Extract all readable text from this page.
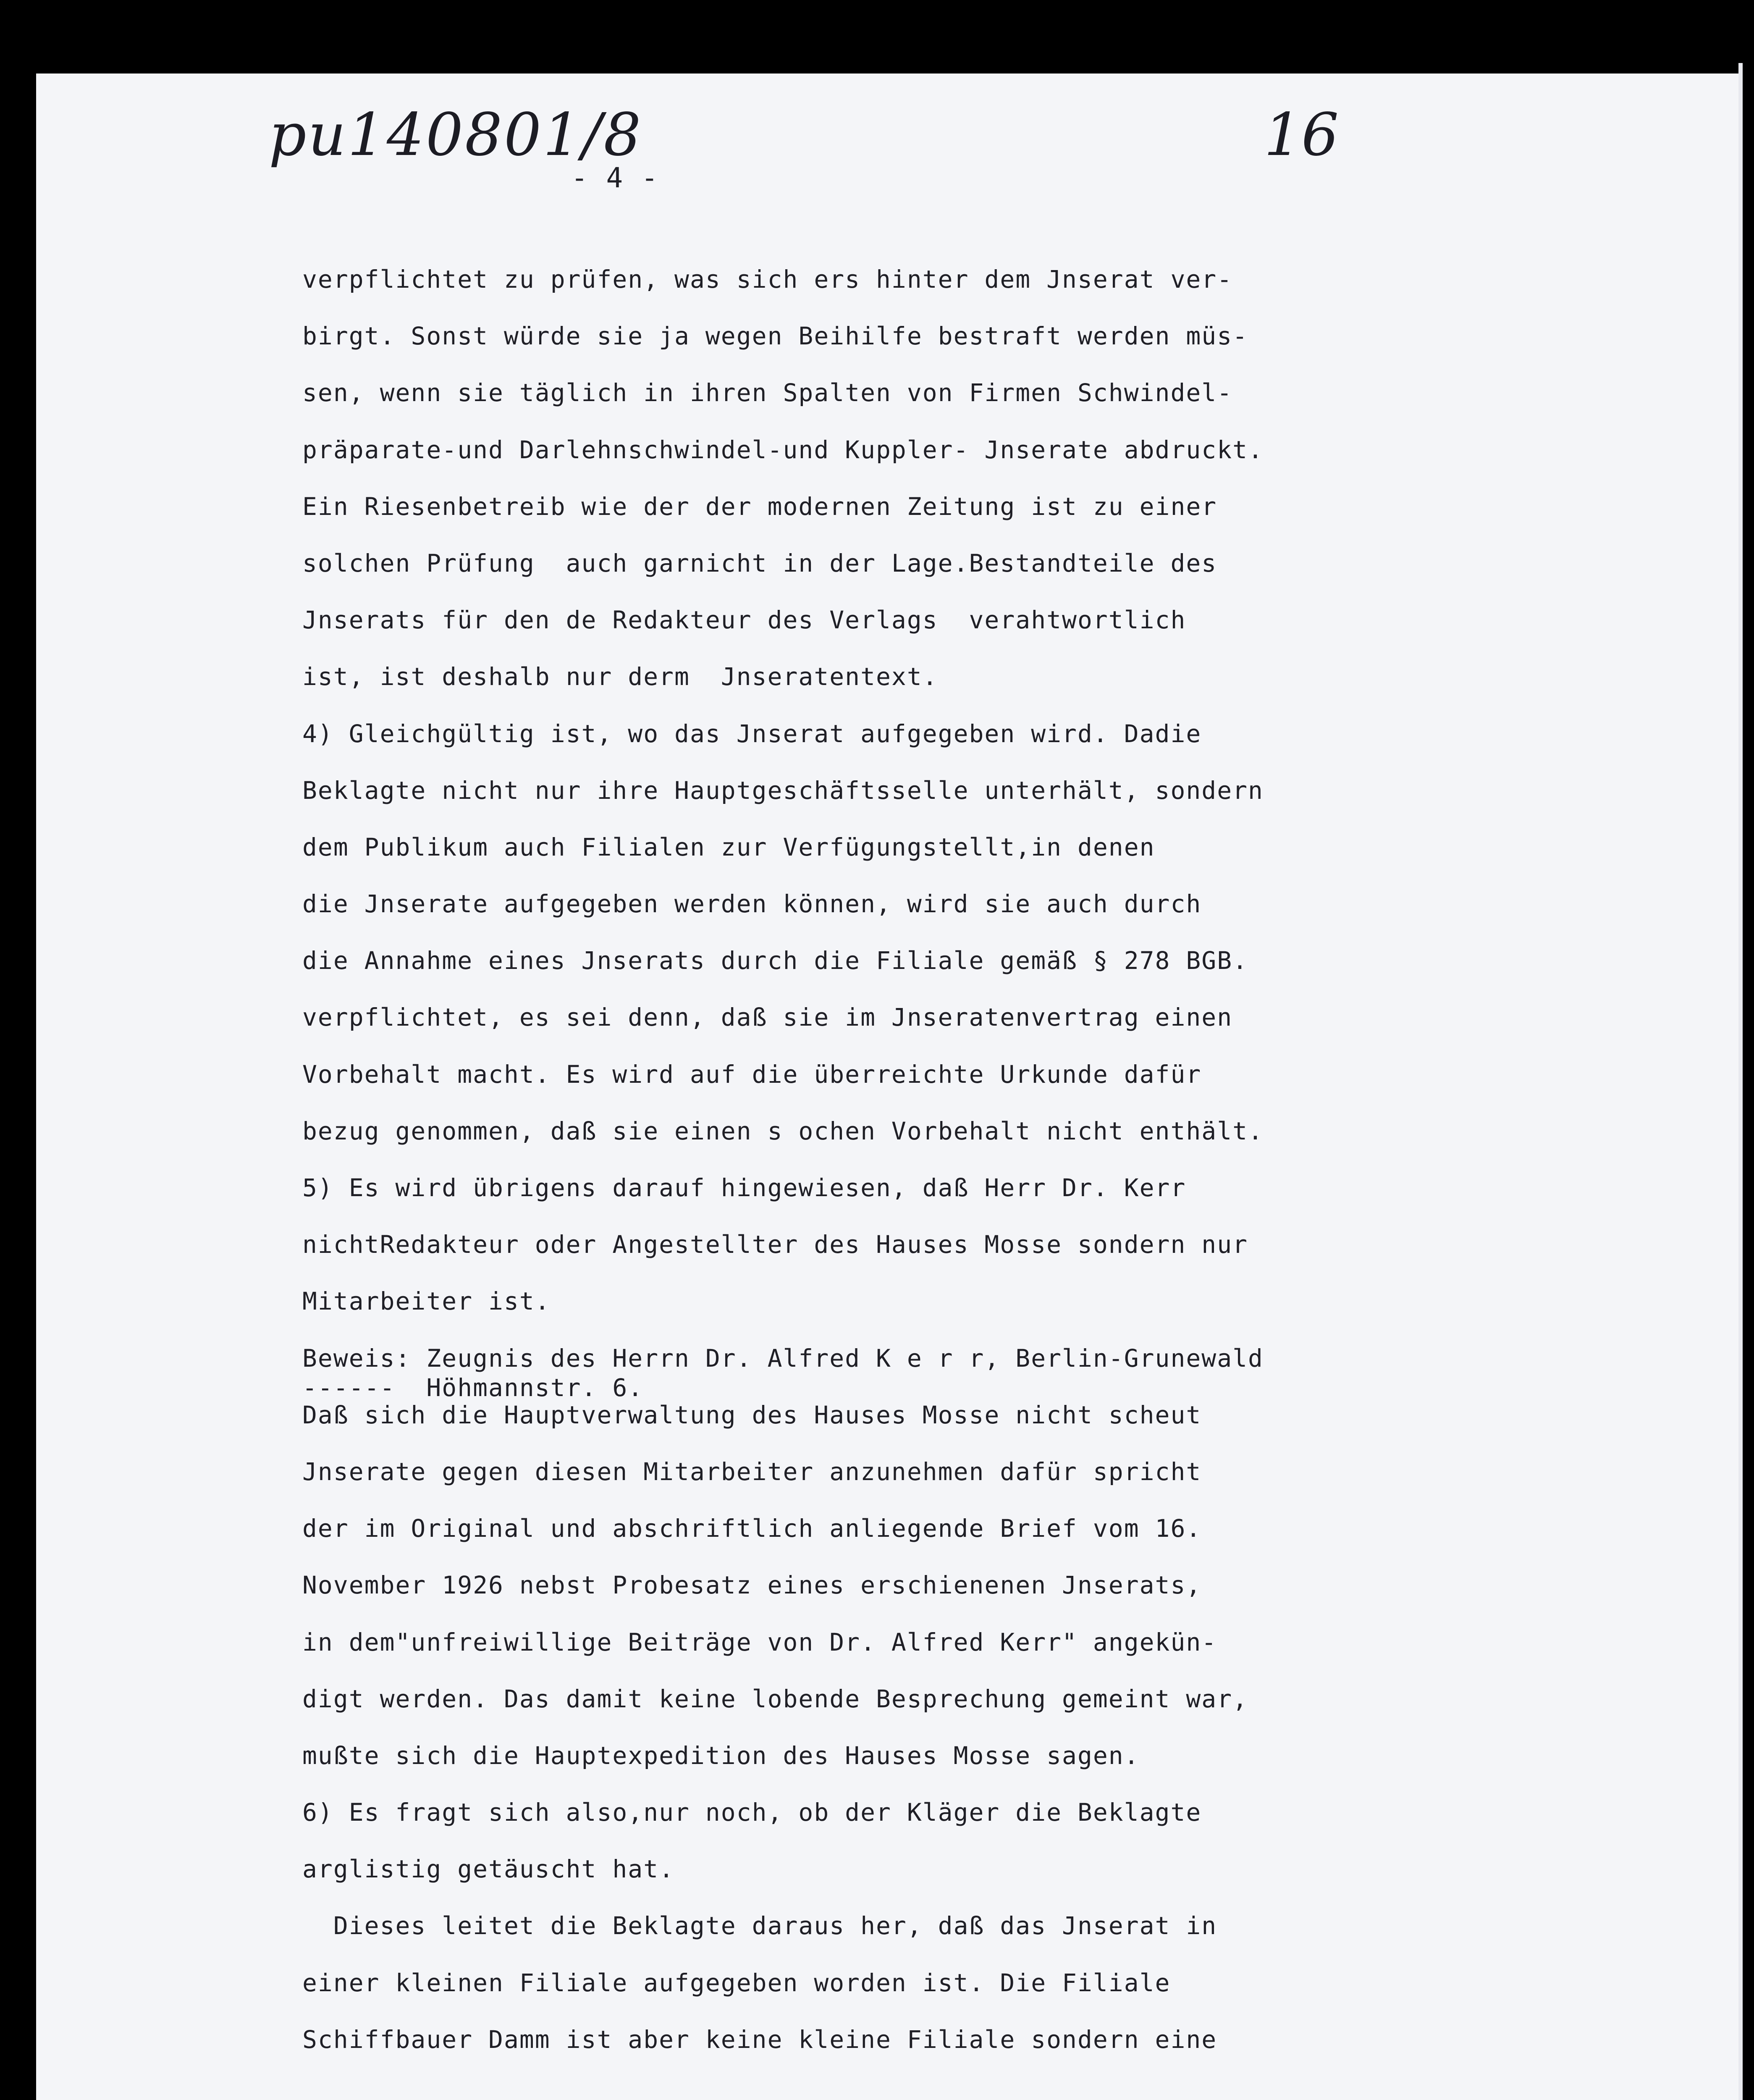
pu140801/8	16
- 4 -
verpflichtet zu prüfen, was sich ers hinter dem Jnserat ver-
birgt. Sonst würde sie ja wegen Beihilfe bestraft werden müs-
sen, wenn sie täglich in ihren Spalten von Firmen Schwindel-
präparate-und Darlehnschwindel-und Kuppler- Jnserate abdruckt.
Ein Riesenbetreib wie der der modernen Zeitung ist zu einer
solchen Prüfung  auch garnicht in der Lage.Bestandteile des
Jnserats für den de Redakteur des Verlags  verahtwortlich
ist, ist deshalb nur derm  Jnseratentext.
4) Gleichgültig ist, wo das Jnserat aufgegeben wird. Dadie
Beklagte nicht nur ihre Hauptgeschäftsselle unterhält, sondern
dem Publikum auch Filialen zur Verfügungstellt,in denen
die Jnserate aufgegeben werden können, wird sie auch durch
die Annahme eines Jnserats durch die Filiale gemäß § 278 BGB.
verpflichtet, es sei denn, daß sie im Jnseratenvertrag einen
Vorbehalt macht. Es wird auf die überreichte Urkunde dafür
bezug genommen, daß sie einen s ochen Vorbehalt nicht enthält.
5) Es wird übrigens darauf hingewiesen, daß Herr Dr. Kerr
nichtRedakteur oder Angestellter des Hauses Mosse sondern nur
Mitarbeiter ist.
Beweis: Zeugnis des Herrn Dr. Alfred K e r r, Berlin-Grunewald
------  Höhmannstr. 6.
Daß sich die Hauptverwaltung des Hauses Mosse nicht scheut
Jnserate gegen diesen Mitarbeiter anzunehmen dafür spricht
der im Original und abschriftlich anliegende Brief vom 16.
November 1926 nebst Probesatz eines erschienenen Jnserats,
in dem"unfreiwillige Beiträge von Dr. Alfred Kerr" angekün-
digt werden. Das damit keine lobende Besprechung gemeint war,
mußte sich die Hauptexpedition des Hauses Mosse sagen.
6) Es fragt sich also,nur noch, ob der Kläger die Beklagte
arglistig getäuscht hat.
Dieses leitet die Beklagte daraus her, daß das Jnserat in
einer kleinen Filiale aufgegeben worden ist. Die Filiale
Schiffbauer Damm ist aber keine kleine Filiale sondern eine
